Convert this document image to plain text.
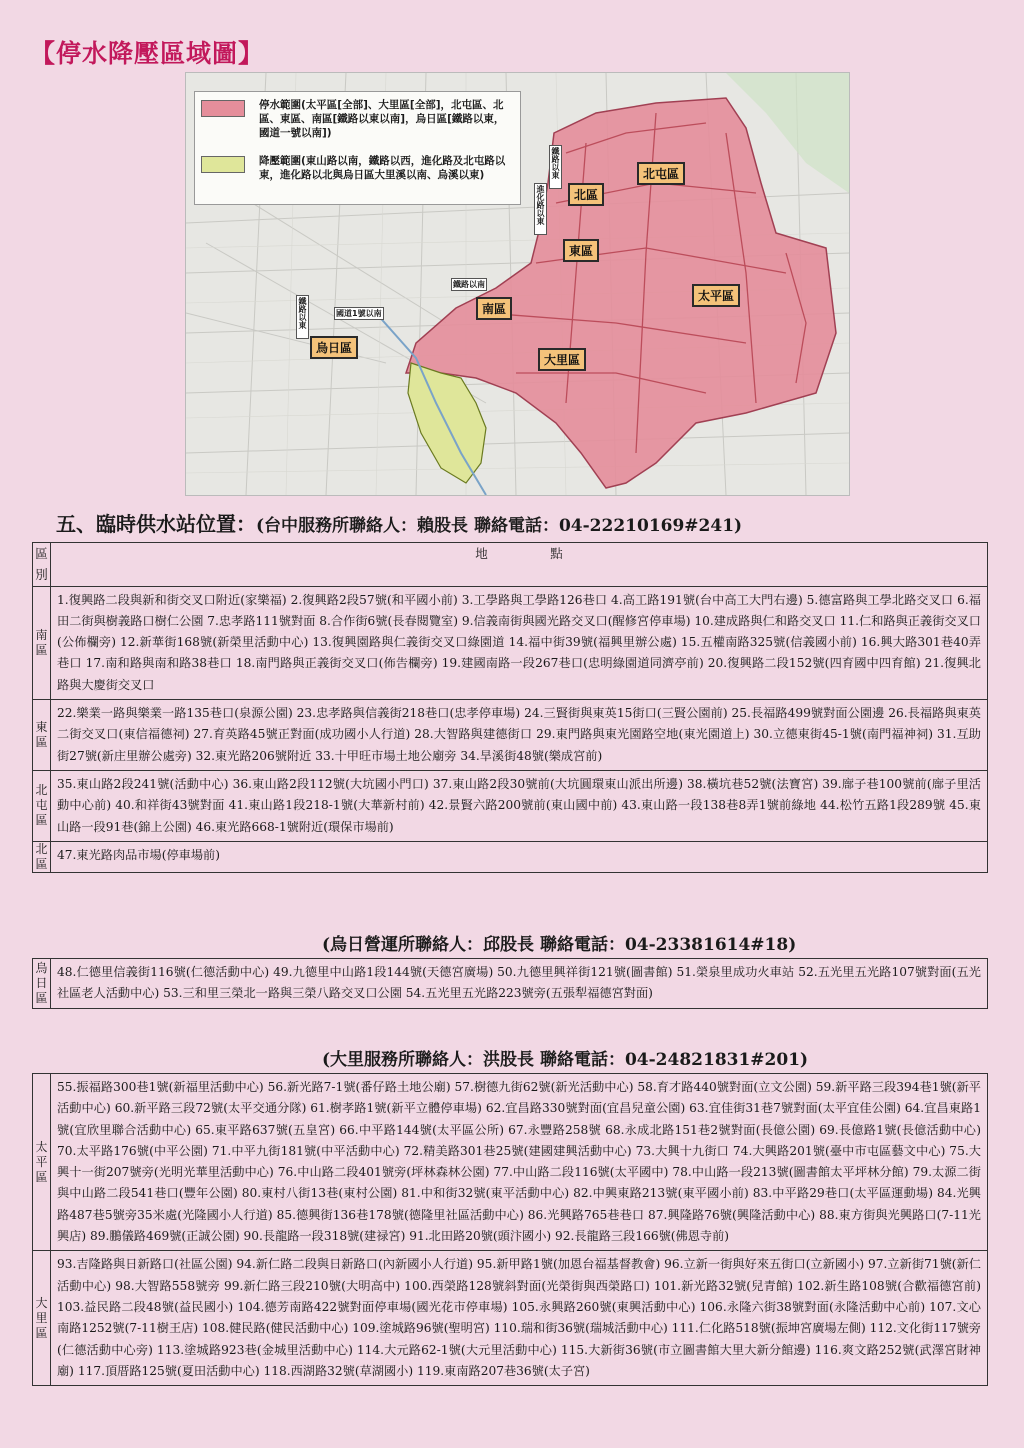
【停水降壓區域圖】
停水範圍(太平區[全部]、大里區[全部]，北屯區、北區、東區、南區[鐵路以東以南]，烏日區[鐵路以東，國道一號以南])
降壓範圍(東山路以南，鐵路以西，進化路及北屯路以東，進化路以北與烏日區大里溪以南、烏溪以東)	鐵路以東
進化路以東
國道1號以南
鐵路以東
鐵路以南
北屯區
北區
東區
太平區
南區
大里區
烏日區
五、臨時供水站位置：(台中服務所聯絡人：賴股長 聯絡電話：04-22210169#241)
區別	地　　　　　點
南區	1.復興路二段與新和街交叉口附近(家樂福) 2.復興路2段57號(和平國小前) 3.工學路與工學路126巷口 4.高工路191號(台中高工大門右邊) 5.德富路與工學北路交叉口 6.福田二街與樹義路口樹仁公園 7.忠孝路111號對面 8.合作街6號(長春閱覽室) 9.信義南街與國光路交叉口(醒修宮停車場) 10.建成路與仁和路交叉口 11.仁和路與正義街交叉口(公佈欄旁) 12.新華街168號(新榮里活動中心) 13.復興園路與仁義街交叉口綠園道 14.福中街39號(福興里辦公處) 15.五權南路325號(信義國小前) 16.興大路301巷40弄巷口 17.南和路與南和路38巷口 18.南門路與正義街交叉口(佈告欄旁) 19.建國南路一段267巷口(忠明綠園道同濟亭前) 20.復興路二段152號(四育國中四育館) 21.復興北路與大慶街交叉口
東區	22.樂業一路與樂業一路135巷口(泉源公園) 23.忠孝路與信義街218巷口(忠孝停車場) 24.三賢街與東英15街口(三賢公園前) 25.長福路499號對面公園邊 26.長福路與東英二街交叉口(東信福德祠) 27.育英路45號正對面(成功國小人行道) 28.大智路與建德街口 29.東門路與東光園路空地(東光園道上) 30.立德東街45-1號(南門福神祠) 31.互助街27號(新庄里辦公處旁) 32.東光路206號附近 33.十甲旺市場土地公廟旁 34.旱溪街48號(樂成宮前)
北屯區	35.東山路2段241號(活動中心) 36.東山路2段112號(大坑國小門口) 37.東山路2段30號前(大坑圓環東山派出所邊) 38.橫坑巷52號(法寶宮) 39.廍子巷100號前(廍子里活動中心前) 40.和祥街43號對面 41.東山路1段218-1號(大華新村前) 42.景賢六路200號前(東山國中前) 43.東山路一段138巷8弄1號前綠地 44.松竹五路1段289號 45.東山路一段91巷(錦上公園) 46.東光路668-1號附近(環保市場前)
北區	47.東光路肉品市場(停車場前)
(烏日營運所聯絡人：邱股長 聯絡電話：04-23381614#18)
烏日區	48.仁德里信義街116號(仁德活動中心) 49.九德里中山路1段144號(天德宮廣場) 50.九德里興祥街121號(圖書館) 51.榮泉里成功火車站 52.五光里五光路107號對面(五光社區老人活動中心) 53.三和里三榮北一路與三榮八路交叉口公園 54.五光里五光路223號旁(五張犁福德宮對面)
(大里服務所聯絡人：洪股長 聯絡電話：04-24821831#201)
太平區	55.振福路300巷1號(新福里活動中心) 56.新光路7-1號(番仔路土地公廟) 57.樹德九街62號(新光活動中心) 58.育才路440號對面(立文公園) 59.新平路三段394巷1號(新平活動中心) 60.新平路三段72號(太平交通分隊) 61.樹孝路1號(新平立體停車場) 62.宜昌路330號對面(宜昌兒童公園) 63.宜佳街31巷7號對面(太平宜佳公園) 64.宜昌東路1號(宜欣里聯合活動中心) 65.東平路637號(五皇宮) 66.中平路144號(太平區公所) 67.永豐路258號 68.永成北路151巷2號對面(長億公園) 69.長億路1號(長億活動中心) 70.太平路176號(中平公園) 71.中平九街181號(中平活動中心) 72.精美路301巷25號(建國建興活動中心) 73.大興十九街口 74.大興路201號(臺中市屯區藝文中心) 75.大興十一街207號旁(光明光華里活動中心) 76.中山路二段401號旁(坪林森林公園) 77.中山路二段116號(太平國中) 78.中山路一段213號(圖書館太平坪林分館) 79.太源二街與中山路二段541巷口(豐年公園) 80.東村八街13巷(東村公園) 81.中和街32號(東平活動中心) 82.中興東路213號(東平國小前) 83.中平路29巷口(太平區運動場) 84.光興路487巷5號旁35米處(光隆國小人行道) 85.德興街136巷178號(德隆里社區活動中心) 86.光興路765巷巷口 87.興隆路76號(興隆活動中心) 88.東方街與光興路口(7-11光興店) 89.鵬儀路469號(正誠公園) 90.長龍路一段318號(建禄宮) 91.北田路20號(頭汴國小) 92.長龍路三段166號(佛恩寺前)
大里區	93.吉隆路與日新路口(社區公園) 94.新仁路二段與日新路口(內新國小人行道) 95.新甲路1號(加恩台福基督教會) 96.立新一街與好來五街口(立新國小) 97.立新街71號(新仁活動中心) 98.大智路558號旁 99.新仁路三段210號(大明高中) 100.西榮路128號斜對面(光榮街與西榮路口) 101.新光路32號(兒青館) 102.新生路108號(合歡福德宮前) 103.益民路二段48號(益民國小) 104.德芳南路422號對面停車場(國光花市停車場) 105.永興路260號(東興活動中心) 106.永隆六街38號對面(永隆活動中心前) 107.文心南路1252號(7-11樹王店) 108.健民路(健民活動中心) 109.塗城路96號(聖明宮) 110.瑞和街36號(瑞城活動中心) 111.仁化路518號(振坤宮廣場左側) 112.文化街117號旁(仁德活動中心旁) 113.塗城路923巷(金城里活動中心) 114.大元路62-1號(大元里活動中心) 115.大新街36號(市立圖書館大里大新分館邊) 116.爽文路252號(武澤宮財神廟) 117.頂厝路125號(夏田活動中心) 118.西湖路32號(草湖國小) 119.東南路207巷36號(太子宮)
